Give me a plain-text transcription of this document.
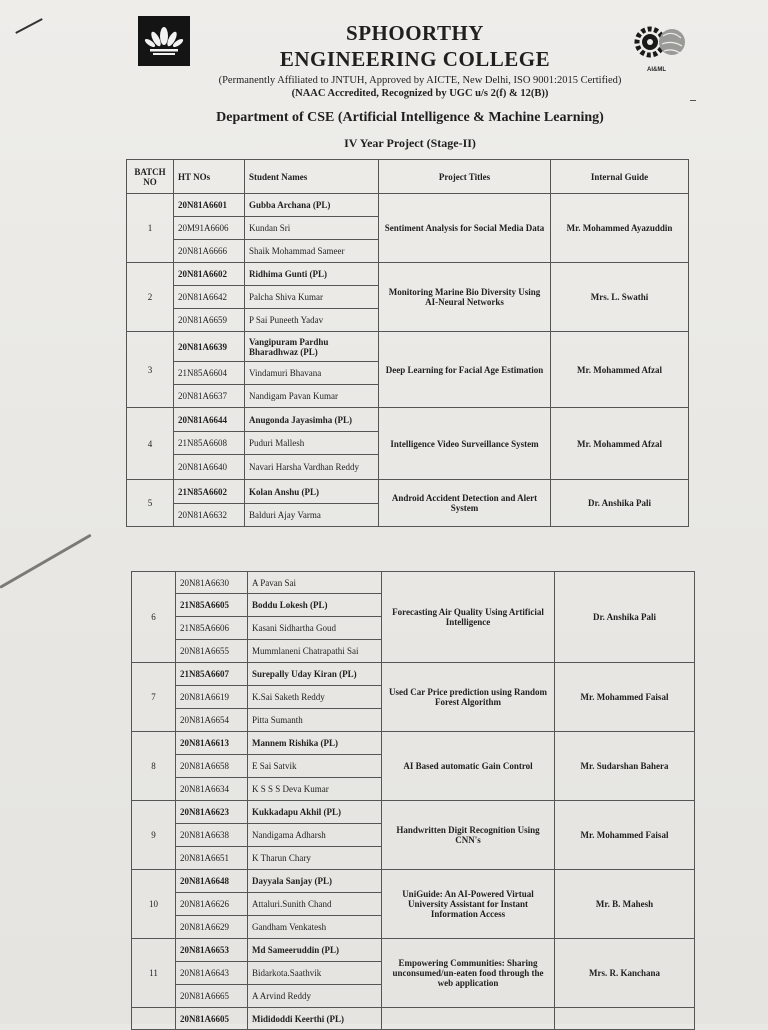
SPHOORTHY
ENGINEERING COLLEGE	AI&ML
(Permanently Affiliated to JNTUH, Approved by AICTE, New Delhi, ISO 9001:2015 Certified)
(NAAC Accredited, Recognized by UGC u/s 2(f) & 12(B))
Department of CSE (Artificial Intelligence & Machine Learning)
IV Year Project (Stage-II)
BATCH NO	HT NOs	Student Names	Project Titles	Internal Guide
1	20N81A6601	Gubba Archana (PL)	Sentiment Analysis for Social Media Data	Mr. Mohammed Ayazuddin
	20M91A6606	Kundan Sri		
	20N81A6666	Shaik Mohammad Sameer		
2	20N81A6602	Ridhima Gunti (PL)	Monitoring Marine Bio Diversity Using AI-Neural Networks	Mrs. L. Swathi
	20N81A6642	Palcha Shiva Kumar		
	20N81A6659	P Sai Puneeth Yadav		
3	20N81A6639	Vangipuram Pardhu Bharadhwaz (PL)	Deep Learning for Facial Age Estimation	Mr. Mohammed Afzal
	21N85A6604	Vindamuri Bhavana		
	20N81A6637	Nandigam Pavan Kumar		
4	20N81A6644	Anugonda Jayasimha (PL)	Intelligence Video Surveillance System	Mr. Mohammed Afzal
	21N85A6608	Puduri Mallesh		
	20N81A6640	Navari Harsha Vardhan Reddy		
5	21N85A6602	Kolan Anshu (PL)	Android Accident Detection and Alert System	Dr. Anshika Pali
	20N81A6632	Balduri Ajay Varma		
6	20N81A6630	A Pavan Sai	Forecasting Air Quality Using Artificial Intelligence	Dr. Anshika Pali
	21N85A6605	Boddu Lokesh (PL)		
	21N85A6606	Kasani Sidhartha Goud		
	20N81A6655	Mummlaneni Chatrapathi Sai		
7	21N85A6607	Surepally Uday Kiran (PL)	Used Car Price prediction using Random Forest Algorithm	Mr. Mohammed Faisal
	20N81A6619	K.Sai Saketh Reddy		
	20N81A6654	Pitta Sumanth		
8	20N81A6613	Mannem Rishika (PL)	AI Based automatic Gain Control	Mr. Sudarshan Bahera
	20N81A6658	E Sai Satvik		
	20N81A6634	K S S S Deva Kumar		
9	20N81A6623	Kukkadapu Akhil (PL)	Handwritten Digit Recognition Using CNN's	Mr. Mohammed Faisal
	20N81A6638	Nandigama Adharsh		
	20N81A6651	K Tharun Chary		
10	20N81A6648	Dayyala Sanjay (PL)	UniGuide: An AI-Powered Virtual University Assistant for Instant Information Access	Mr. B. Mahesh
	20N81A6626	Attaluri.Sunith Chand		
	20N81A6629	Gandham Venkatesh		
11	20N81A6653	Md Sameeruddin (PL)	Empowering Communities: Sharing unconsumed/un-eaten food through the web application	Mrs. R. Kanchana
	20N81A6643	Bidarkota.Saathvik		
	20N81A6665	A Arvind Reddy		
	20N81A6605	Mididoddi Keerthi (PL)		
